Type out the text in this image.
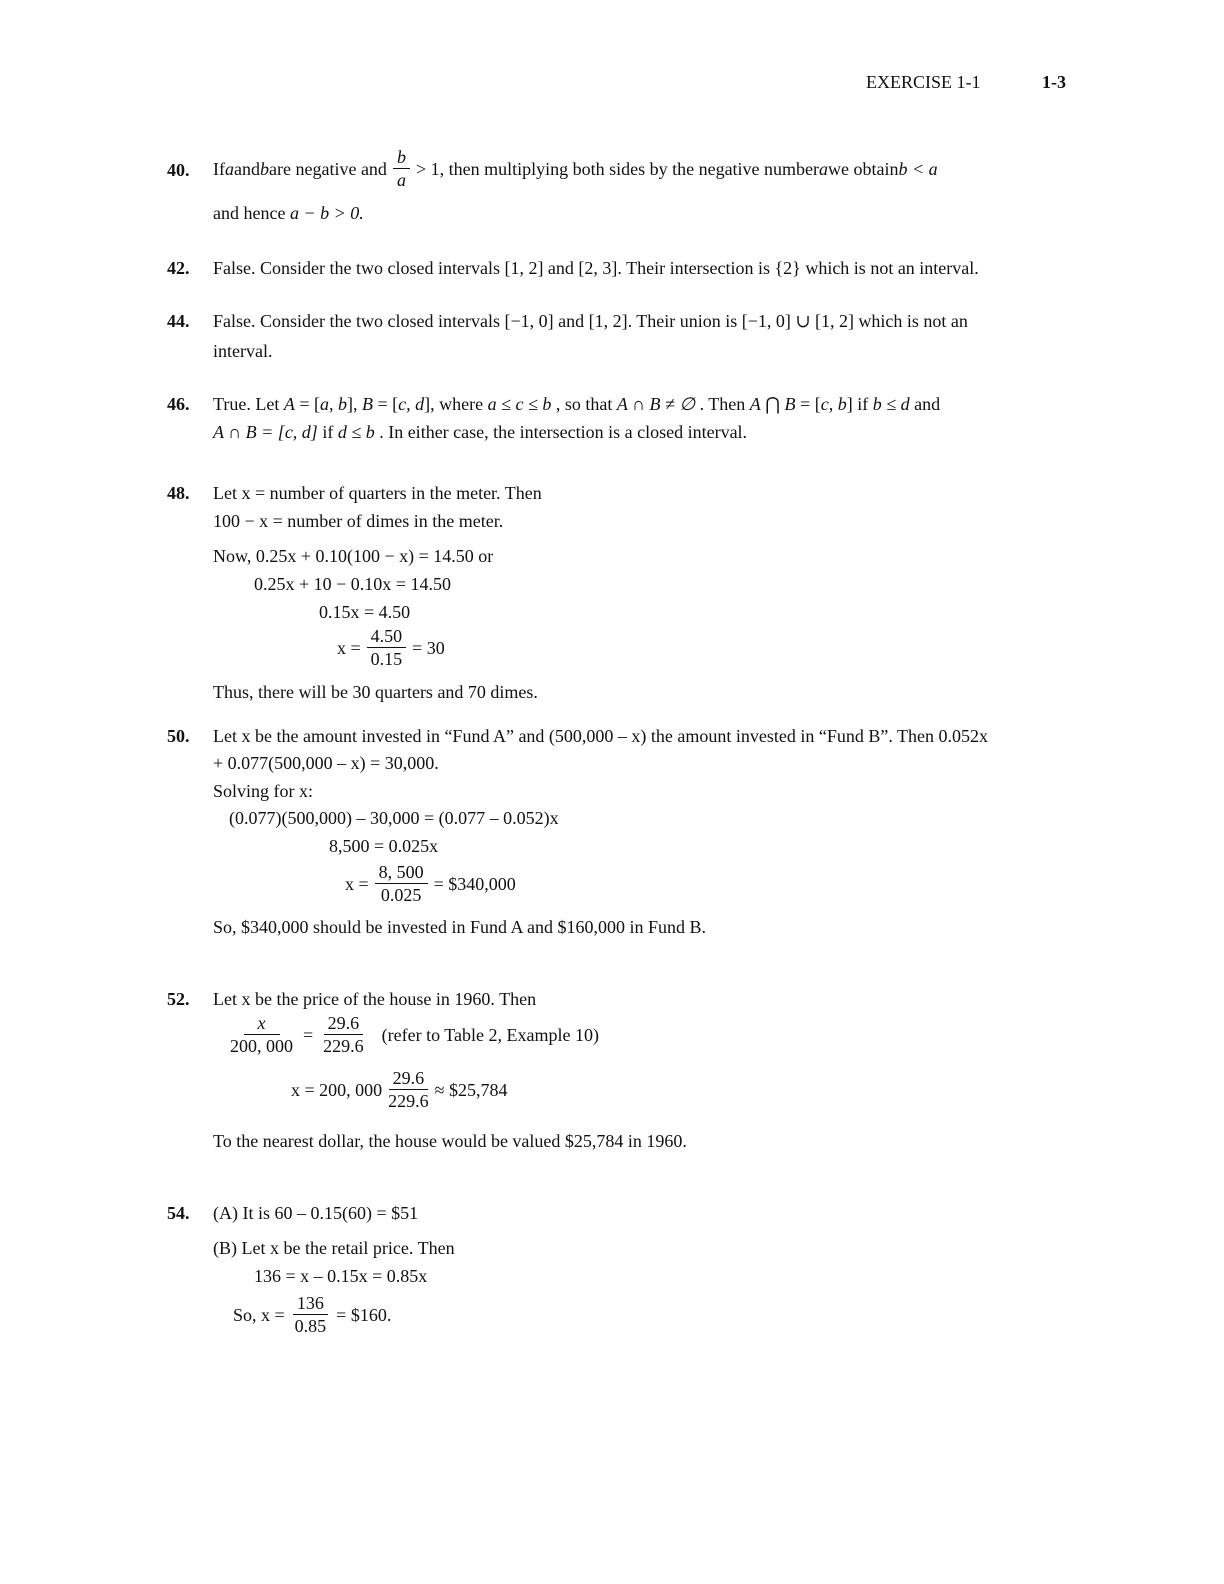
EXERCISE 1-1	1-3
40. If a and b are negative and $\frac{b}{a} > 1$, then multiplying both sides by the negative number a we obtain b < a
and hence a − b > 0.
42. False. Consider the two closed intervals [1, 2] and [2, 3]. Their intersection is {2} which is not an interval.
44. False. Consider the two closed intervals [−1, 0] and [1, 2]. Their union is [−1, 0] ∪ [1, 2] which is not an
interval.
46. True. Let A = [a, b], B = [c, d], where a ≤ c ≤ b , so that A ∩ B ≠ ∅ . Then A ⋂ B = [c, b] if b ≤ d and
A ∩ B = [c, d] if d ≤ b . In either case, the intersection is a closed interval.
48. Let x = number of quarters in the meter. Then
100 − x = number of dimes in the meter.
Now, 0.25x + 0.10(100 − x) = 14.50 or
0.25x + 10 − 0.10x = 14.50
0.15x = 4.50
$x = \frac{4.50}{0.15} = 30$
Thus, there will be 30 quarters and 70 dimes.
50. Let x be the amount invested in “Fund A” and (500,000 – x) the amount invested in “Fund B”. Then 0.052x
+ 0.077(500,000 – x) = 30,000.
Solving for x:
(0.077)(500,000) – 30,000 = (0.077 – 0.052)x
8,500 = 0.025x
$x = \frac{8, 500}{0.025}$ = $340,000
So, $340,000 should be invested in Fund A and $160,000 in Fund B.
52. Let x be the price of the house in 1960. Then
$\frac{x}{200, 000} = \frac{29.6}{229.6}$ (refer to Table 2, Example 10)
x = 200, $000 \frac{29.6}{229.6}$ ≈ $25,784
To the nearest dollar, the house would be valued $25,784 in 1960.
54. (A) It is 60 – 0.15(60) = $51
(B) Let x be the retail price. Then
136 = x – 0.15x = 0.85x
So, $x = \frac{136}{0.85}$ = $160.
